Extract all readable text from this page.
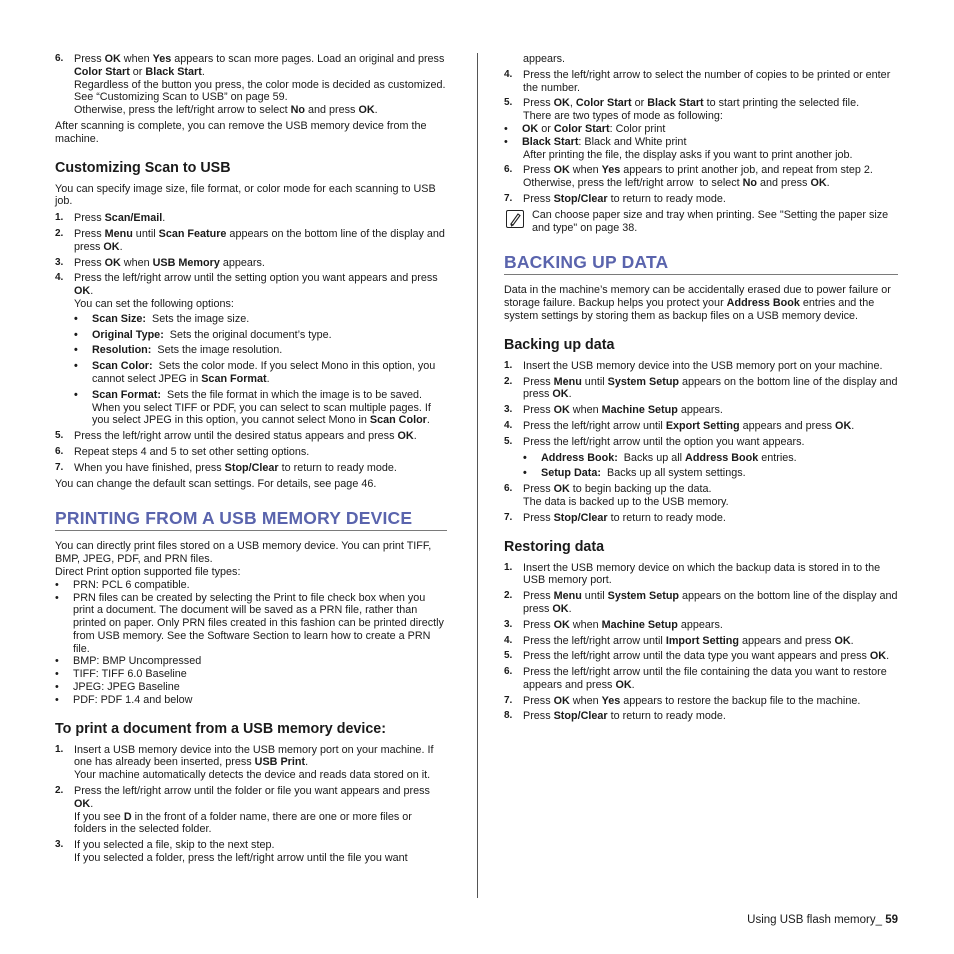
6. Press OK when Yes appears to scan more pages. Load an original and press Color Start or Black Start.
Regardless of the button you press, the color mode is decided as customized. See “Customizing Scan to USB” on page 59.
Otherwise, press the left/right arrow to select No and press OK.

After scanning is complete, you can remove the USB memory device from the machine.

Customizing Scan to USB

You can specify image size, file format, or color mode for each scanning to USB job.

1. Press Scan/Email.
2. Press Menu until Scan Feature appears on the bottom line of the display and press OK.
3. Press OK when USB Memory appears.
4. Press the left/right arrow until the setting option you want appears and press OK.
You can set the following options:
• Scan Size:  Sets the image size.
• Original Type:  Sets the original document’s type.
• Resolution:  Sets the image resolution.
• Scan Color:  Sets the color mode. If you select Mono in this option, you cannot select JPEG in Scan Format.
• Scan Format:  Sets the file format in which the image is to be saved. When you select TIFF or PDF, you can select to scan multiple pages. If you select JPEG in this option, you cannot select Mono in Scan Color.
5. Press the left/right arrow until the desired status appears and press OK.
6. Repeat steps 4 and 5 to set other setting options.
7. When you have finished, press Stop/Clear to return to ready mode.

You can change the default scan settings. For details, see page 46.

PRINTING FROM A USB MEMORY DEVICE
You can directly print files stored on a USB memory device. You can print TIFF, BMP, JPEG, PDF, and PRN files.
Direct Print option supported file types:
• PRN: PCL 6 compatible.
• PRN files can be created by selecting the Print to file check box when you print a document. The document will be saved as a PRN file, rather than printed on paper. Only PRN files created in this fashion can be printed directly from USB memory. See the Software Section to learn how to create a PRN file.
• BMP: BMP Uncompressed
• TIFF: TIFF 6.0 Baseline
• JPEG: JPEG Baseline
• PDF: PDF 1.4 and below
To print a document from a USB memory device:
1. Insert a USB memory device into the USB memory port on your machine. If one has already been inserted, press USB Print.
Your machine automatically detects the device and reads data stored on it.
2. Press the left/right arrow until the folder or file you want appears and press OK.
If you see D in the front of a folder name, there are one or more files or folders in the selected folder.
3. If you selected a file, skip to the next step.
If you selected a folder, press the left/right arrow until the file you want
appears.
4. Press the left/right arrow to select the number of copies to be printed or enter the number.
5. Press OK, Color Start or Black Start to start printing the selected file.
There are two types of mode as following:
• OK or Color Start: Color print
• Black Start: Black and White print
After printing the file, the display asks if you want to print another job.
6. Press OK when Yes appears to print another job, and repeat from step 2. Otherwise, press the left/right arrow  to select No and press OK.
7. Press Stop/Clear to return to ready mode.
Can choose paper size and tray when printing. See "Setting the paper size and type" on page 38.
BACKING UP DATA

Data in the machine’s memory can be accidentally erased due to power failure or storage failure. Backup helps you protect your Address Book entries and the system settings by storing them as backup files on a USB memory device.

Backing up data
1. Insert the USB memory device into the USB memory port on your machine.
2. Press Menu until System Setup appears on the bottom line of the display and press OK.
3. Press OK when Machine Setup appears.
4. Press the left/right arrow until Export Setting appears and press OK.
5. Press the left/right arrow until the option you want appears.
• Address Book:  Backs up all Address Book entries.
• Setup Data:  Backs up all system settings.
6. Press OK to begin backing up the data.
The data is backed up to the USB memory.
7. Press Stop/Clear to return to ready mode.
Restoring data
1. Insert the USB memory device on which the backup data is stored in to the USB memory port.
2. Press Menu until System Setup appears on the bottom line of the display and press OK.
3. Press OK when Machine Setup appears.
4. Press the left/right arrow until Import Setting appears and press OK.
5. Press the left/right arrow until the data type you want appears and press OK.
6. Press the left/right arrow until the file containing the data you want to restore appears and press OK.
7. Press OK when Yes appears to restore the backup file to the machine.
8. Press Stop/Clear to return to ready mode.
Using USB flash memory_ 59
